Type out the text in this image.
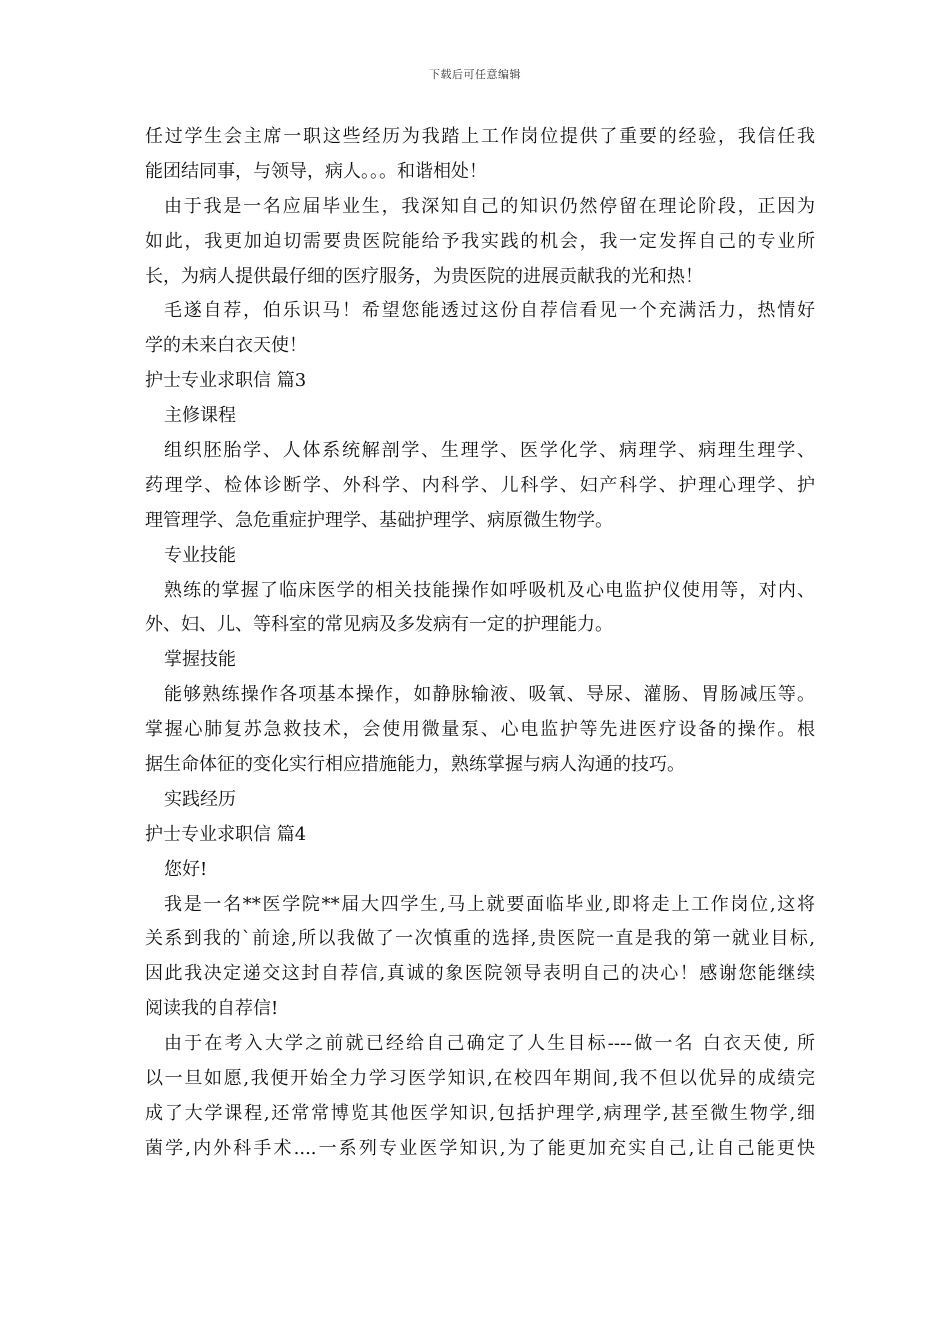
下载后可任意编辑
任过学生会主席一职这些经历为我踏上工作岗位提供了重要的经验，我信任我
能团结同事，与领导，病人。。。和谐相处！
由于我是一名应届毕业生，我深知自己的知识仍然停留在理论阶段，正因为
如此，我更加迫切需要贵医院能给予我实践的机会，我一定发挥自己的专业所
长，为病人提供最仔细的医疗服务，为贵医院的进展贡献我的光和热！
毛遂自荐，伯乐识马！希望您能透过这份自荐信看见一个充满活力，热情好
学的未来白衣天使！
护士专业求职信 篇3
主修课程
组织胚胎学、人体系统解剖学、生理学、医学化学、病理学、病理生理学、
药理学、检体诊断学、外科学、内科学、儿科学、妇产科学、护理心理学、护
理管理学、急危重症护理学、基础护理学、病原微生物学。
专业技能
熟练的掌握了临床医学的相关技能操作如呼吸机及心电监护仪使用等，对内、
外、妇、儿、等科室的常见病及多发病有一定的护理能力。
掌握技能
能够熟练操作各项基本操作，如静脉输液、吸氧、导尿、灌肠、胃肠减压等。
掌握心肺复苏急救技术，会使用微量泵、心电监护等先进医疗设备的操作。根
据生命体征的变化实行相应措施能力，熟练掌握与病人沟通的技巧。
实践经历
护士专业求职信 篇4
您好!
我是一名**医学院**届大四学生,马上就要面临毕业,即将走上工作岗位,这将
关系到我的`前途,所以我做了一次慎重的选择,贵医院一直是我的第一就业目标,
因此我决定递交这封自荐信,真诚的象医院领导表明自己的决心！感谢您能继续
阅读我的自荐信!
由于在考入大学之前就已经给自己确定了人生目标----做一名 白衣天使, 所
以一旦如愿,我便开始全力学习医学知识,在校四年期间,我不但以优异的成绩完
成了大学课程,还常常博览其他医学知识,包括护理学,病理学,甚至微生物学,细
菌学,内外科手术....一系列专业医学知识,为了能更加充实自己,让自己能更快
